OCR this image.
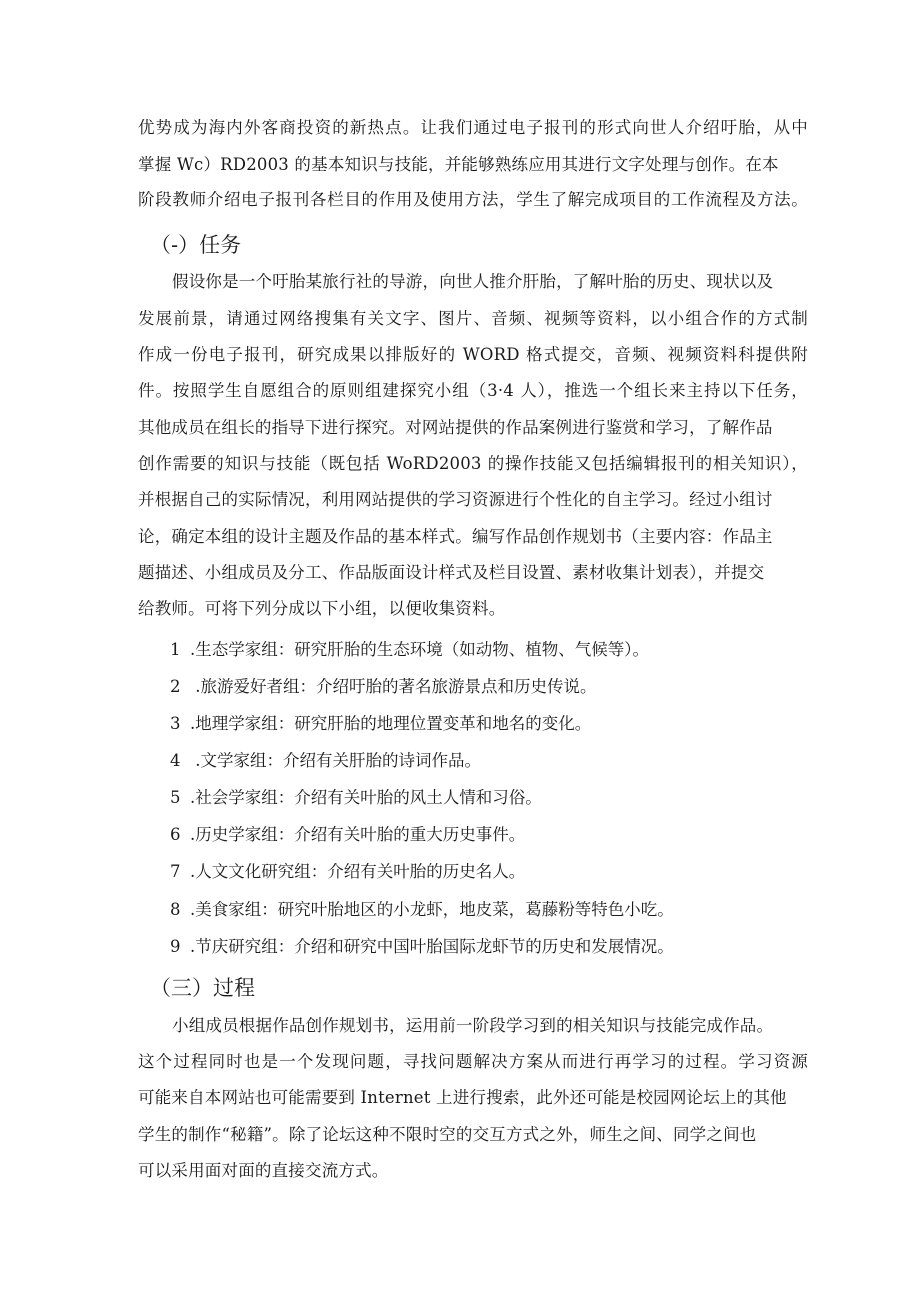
优势成为海内外客商投资的新热点。让我们通过电子报刊的形式向世人介绍吁胎，从中
掌握 Wc）RD2003 的基本知识与技能，并能够熟练应用其进行文字处理与创作。在本
阶段教师介绍电子报刊各栏目的作用及使用方法，学生了解完成项目的工作流程及方法。
（-）任务
假设你是一个吁胎某旅行社的导游，向世人推介肝胎，了解叶胎的历史、现状以及
发展前景，请通过网络搜集有关文字、图片、音频、视频等资料，以小组合作的方式制
作成一份电子报刊，研究成果以排版好的 WORD 格式提交，音频、视频资料科提供附
件。按照学生自愿组合的原则组建探究小组（3·4 人），推选一个组长来主持以下任务，
其他成员在组长的指导下进行探究。对网站提供的作品案例进行鉴赏和学习，了解作品
创作需要的知识与技能（既包括 WoRD2003 的操作技能又包括编辑报刊的相关知识），
并根据自己的实际情况，利用网站提供的学习资源进行个性化的自主学习。经过小组讨
论，确定本组的设计主题及作品的基本样式。编写作品创作规划书（主要内容：作品主
题描述、小组成员及分工、作品版面设计样式及栏目设置、素材收集计划表），并提交
给教师。可将下列分成以下小组，以便收集资料。
1 .生态学家组：研究肝胎的生态环境（如动物、植物、气候等）。
2 .旅游爱好者组：介绍吁胎的著名旅游景点和历史传说。
3 .地理学家组：研究肝胎的地理位置变革和地名的变化。
4 .文学家组：介绍有关肝胎的诗词作品。
5 .社会学家组：介绍有关叶胎的风土人情和习俗。
6 .历史学家组：介绍有关叶胎的重大历史事件。
7 .人文文化研究组：介绍有关叶胎的历史名人。
8 .美食家组：研究叶胎地区的小龙虾，地皮菜，葛藤粉等特色小吃。
9 .节庆研究组：介绍和研究中国叶胎国际龙虾节的历史和发展情况。
（三）过程
小组成员根据作品创作规划书，运用前一阶段学习到的相关知识与技能完成作品。
这个过程同时也是一个发现问题，寻找问题解决方案从而进行再学习的过程。学习资源
可能来自本网站也可能需要到 Internet 上进行搜索，此外还可能是校园网论坛上的其他
学生的制作“秘籍”。除了论坛这种不限时空的交互方式之外，师生之间、同学之间也
可以采用面对面的直接交流方式。
